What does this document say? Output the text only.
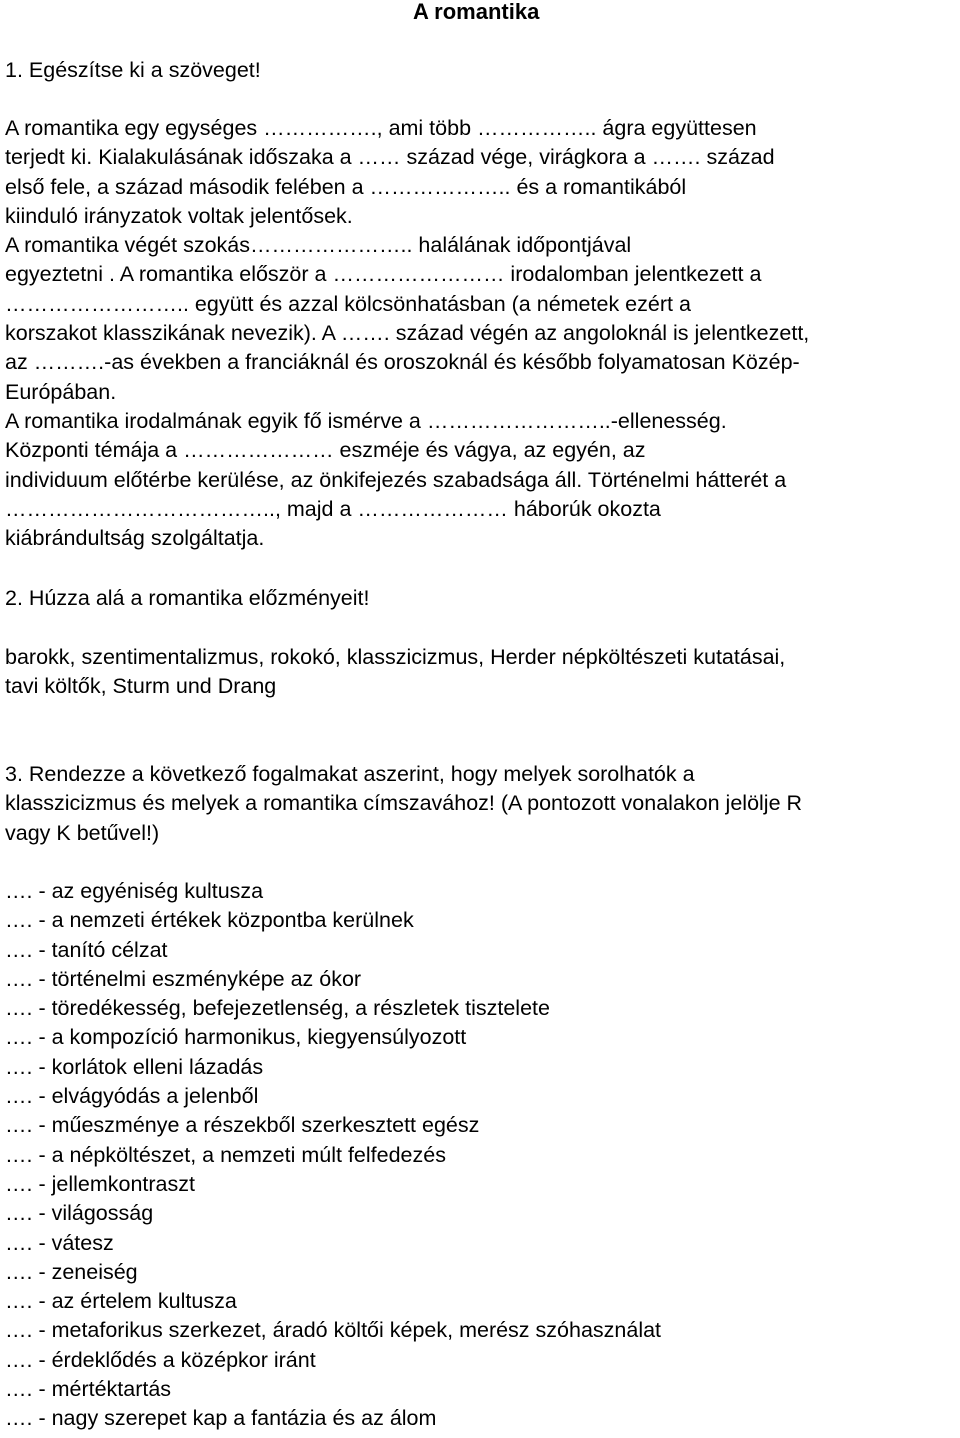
A romantika
1. Egészítse ki a szöveget!
A romantika egy egységes ……………., ami több …………….. ágra együttesen
terjedt ki. Kialakulásának időszaka a …… század vége, virágkora a ……. század
első fele, a század második felében a ……………….. és a romantikából
kiinduló irányzatok voltak jelentősek.
A romantika végét szokás………………….. halálának időpontjával
egyeztetni . A romantika először a …………………… irodalomban jelentkezett a
…………………….. együtt és azzal kölcsönhatásban (a németek ezért a
korszakot klasszikának nevezik). A ……. század végén az angoloknál is jelentkezett,
az ……….-as években a franciáknál és oroszoknál és később folyamatosan Közép-
Európában.
A romantika irodalmának egyik fő ismérve a ……………………..-ellenesség.
Központi témája a ………………… eszméje és vágya, az egyén, az
individuum előtérbe kerülése, az önkifejezés szabadsága áll. Történelmi hátterét a
……………………………….., majd a ………………… háborúk okozta
kiábrándultság szolgáltatja.
2. Húzza alá a romantika előzményeit!
barokk, szentimentalizmus, rokokó, klasszicizmus, Herder népköltészeti kutatásai,
tavi költők, Sturm und Drang
3. Rendezze a következő fogalmakat aszerint, hogy melyek sorolhatók a
klasszicizmus és melyek a romantika címszavához! (A pontozott vonalakon jelölje R
vagy K betűvel!)
…. - az egyéniség kultusza
…. - a nemzeti értékek központba kerülnek
…. - tanító célzat
…. - történelmi eszményképe az ókor
…. - töredékesség, befejezetlenség, a részletek tisztelete
…. - a kompozíció harmonikus, kiegyensúlyozott
…. - korlátok elleni lázadás
…. - elvágyódás a jelenből
…. - műeszménye a részekből szerkesztett egész
…. - a népköltészet, a nemzeti múlt felfedezés
…. - jellemkontraszt
…. - világosság
…. - vátesz
…. - zeneiség
…. - az értelem kultusza
…. - metaforikus szerkezet, áradó költői képek, merész szóhasználat
…. - érdeklődés a középkor iránt
…. - mértéktartás
…. - nagy szerepet kap a fantázia és az álom
